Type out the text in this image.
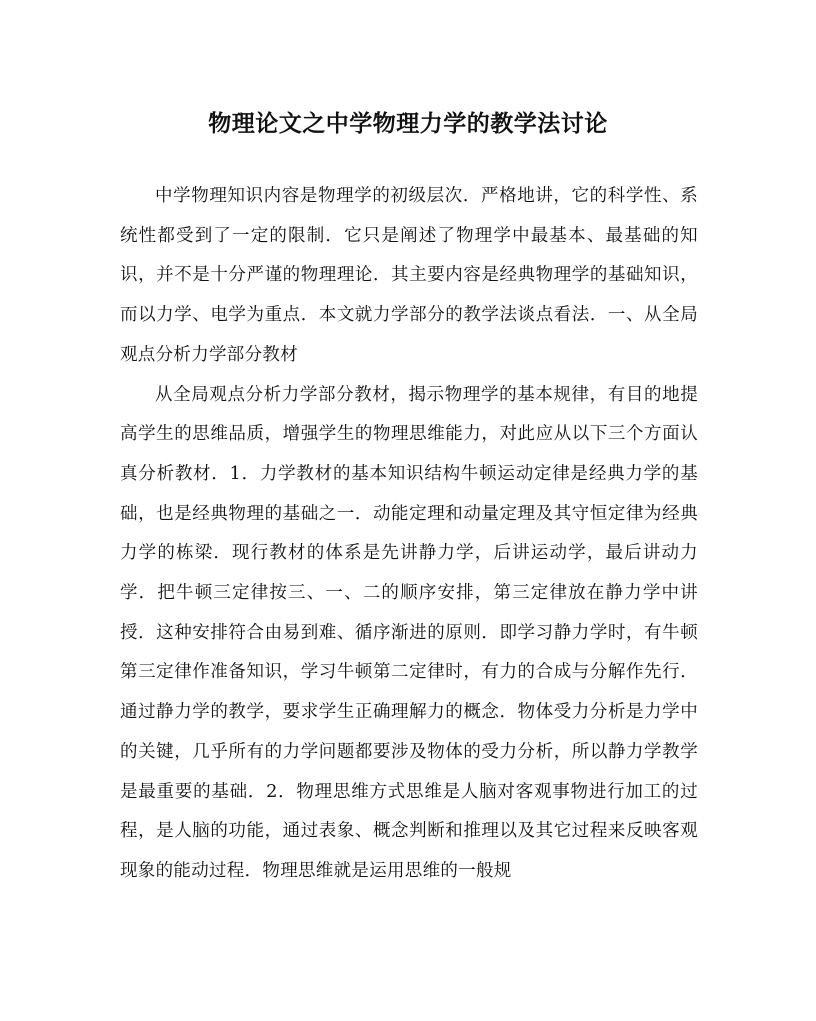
物理论文之中学物理力学的教学法讨论

中学物理知识内容是物理学的初级层次．严格地讲，它的科学性、系统性都受到了一定的限制．它只是阐述了物理学中最基本、最基础的知识，并不是十分严谨的物理理论．其主要内容是经典物理学的基础知识，而以力学、电学为重点．本文就力学部分的教学法谈点看法．一、从全局观点分析力学部分教材

从全局观点分析力学部分教材，揭示物理学的基本规律，有目的地提高学生的思维品质，增强学生的物理思维能力，对此应从以下三个方面认真分析教材．1．力学教材的基本知识结构牛顿运动定律是经典力学的基础，也是经典物理的基础之一．动能定理和动量定理及其守恒定律为经典力学的栋梁．现行教材的体系是先讲静力学，后讲运动学，最后讲动力学．把牛顿三定律按三、一、二的顺序安排，第三定律放在静力学中讲授．这种安排符合由易到难、循序渐进的原则．即学习静力学时，有牛顿第三定律作准备知识，学习牛顿第二定律时，有力的合成与分解作先行．通过静力学的教学，要求学生正确理解力的概念．物体受力分析是力学中的关键，几乎所有的力学问题都要涉及物体的受力分析，所以静力学教学是最重要的基础．2．物理思维方式思维是人脑对客观事物进行加工的过程，是人脑的功能，通过表象、概念判断和推理以及其它过程来反映客观现象的能动过程．物理思维就是运用思维的一般规
